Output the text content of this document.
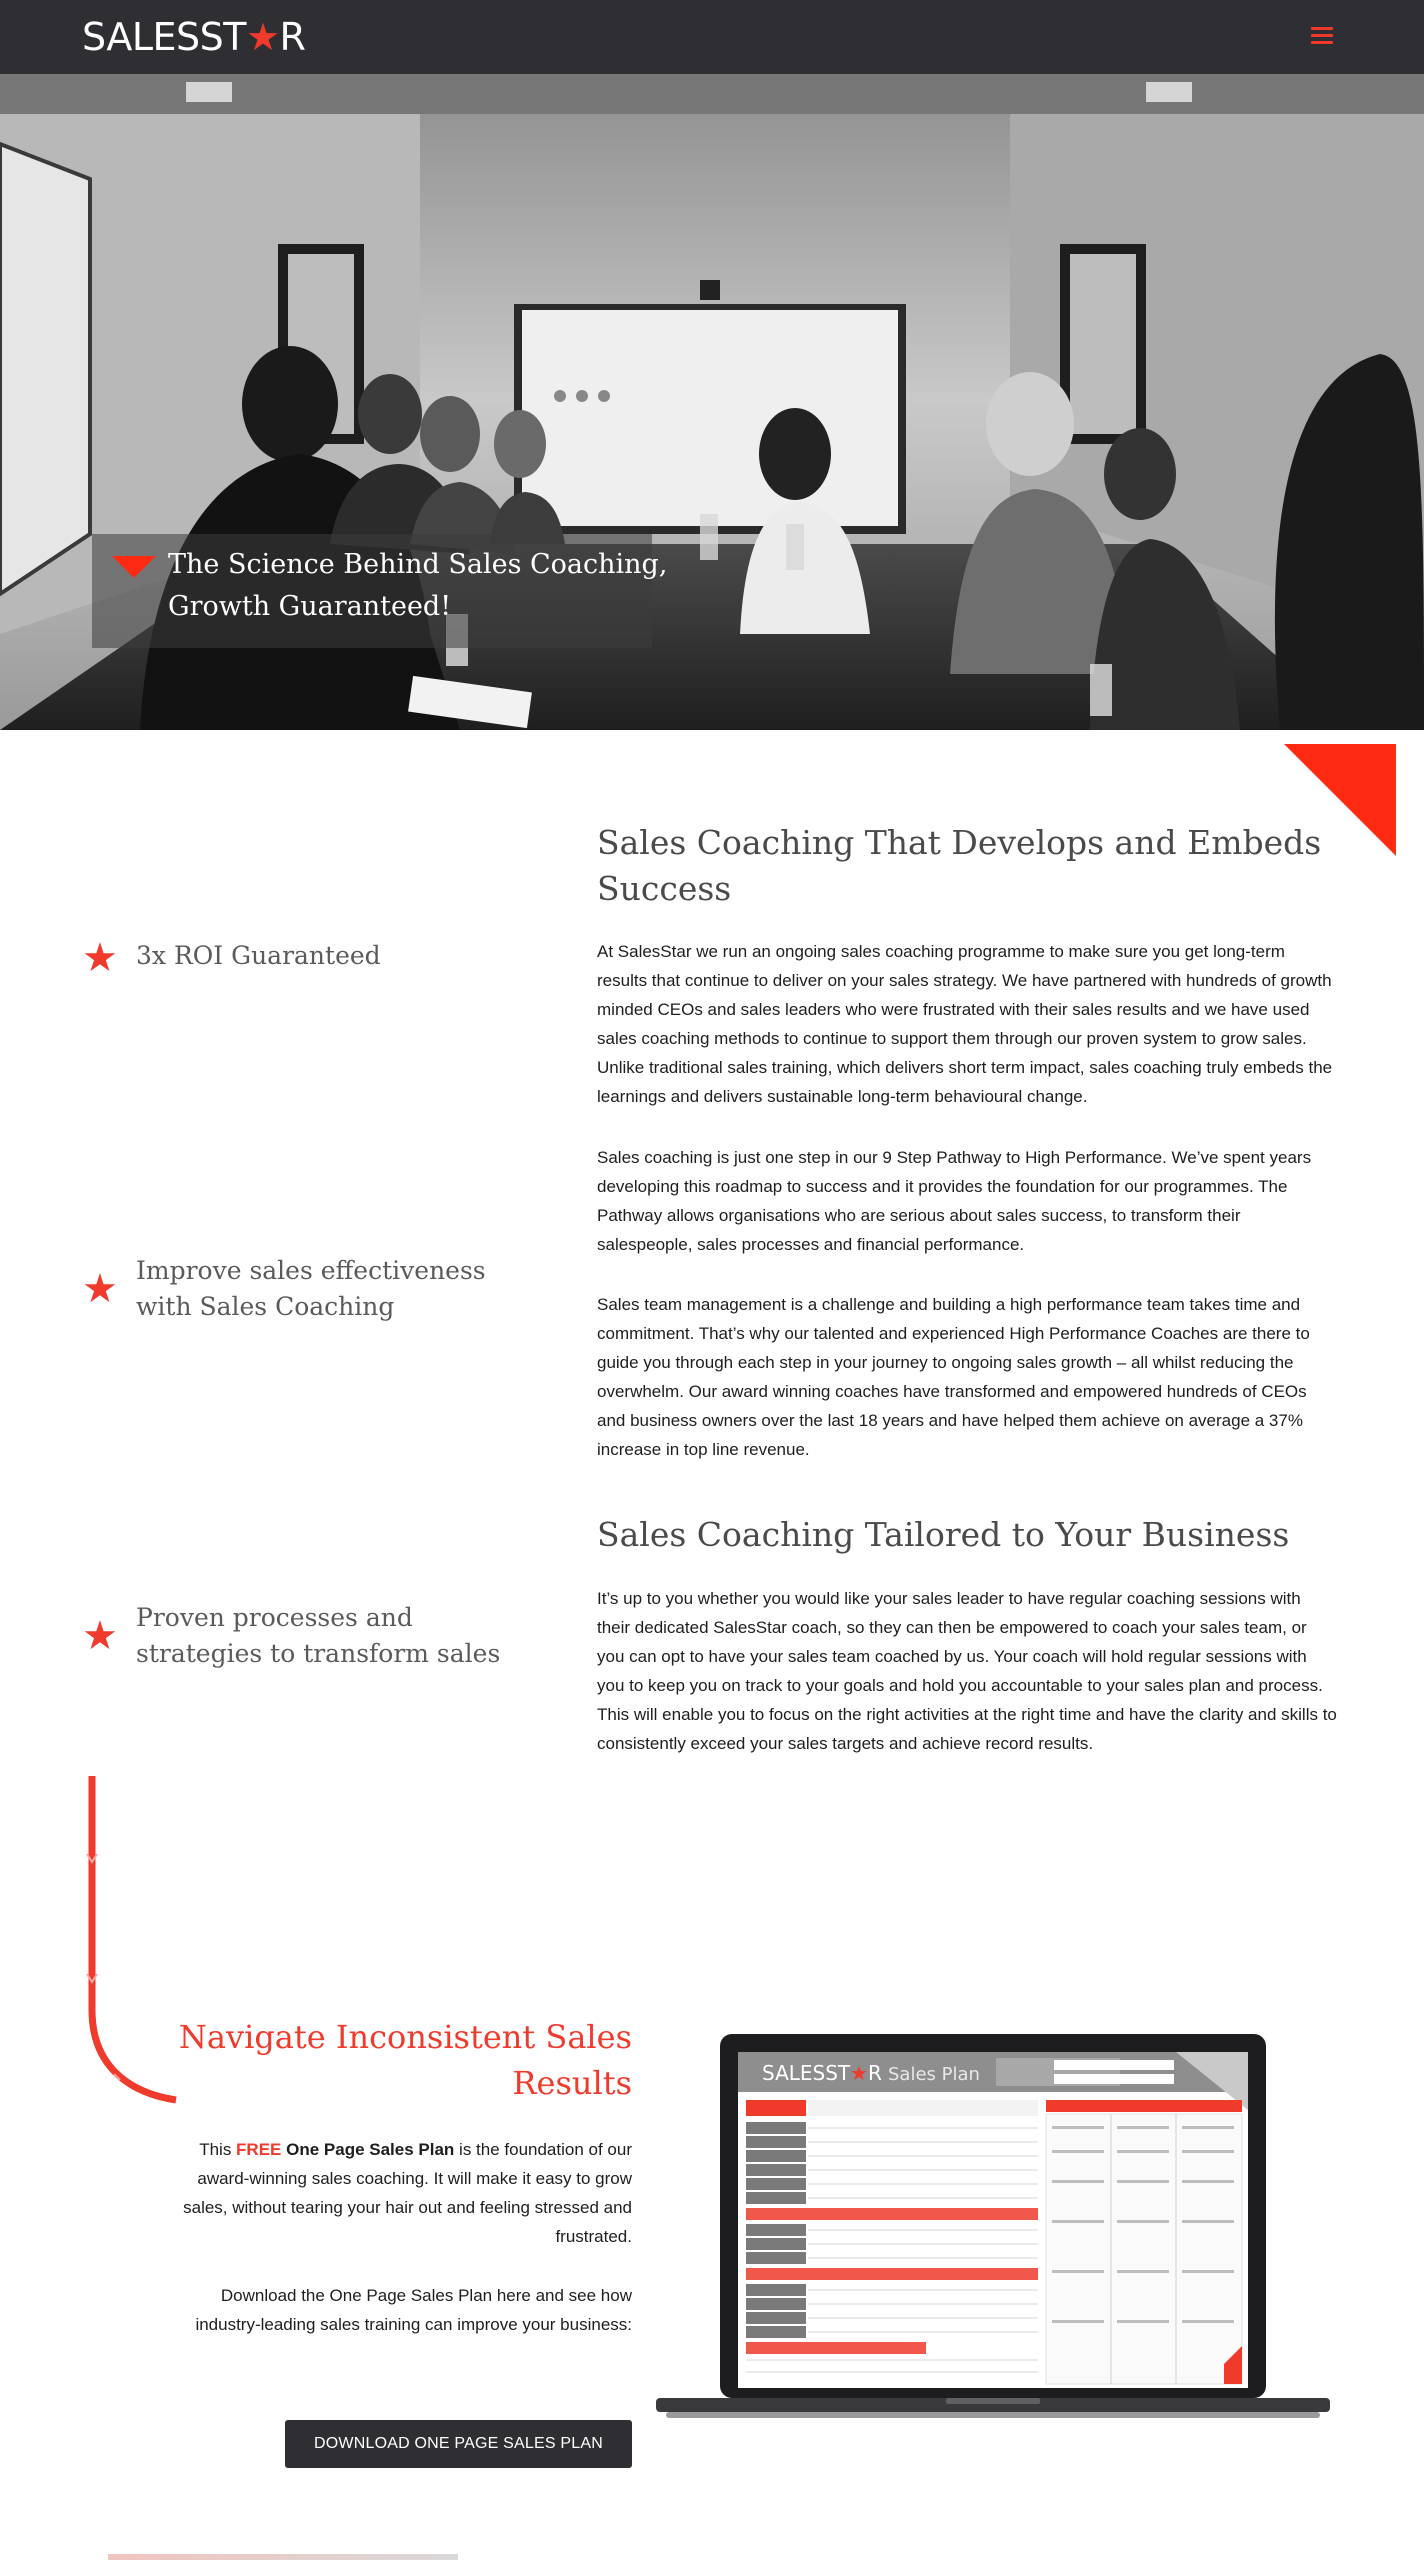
SALESST★R
The Science Behind Sales Coaching, Growth Guaranteed!
★ 3x ROI Guaranteed
★ Improve sales effectiveness with Sales Coaching
★ Proven processes and strategies to transform sales
Sales Coaching That Develops and Embeds Success

At SalesStar we run an ongoing sales coaching programme to make sure you get long-term results that continue to deliver on your sales strategy. We have partnered with hundreds of growth minded CEOs and sales leaders who were frustrated with their sales results and we have used sales coaching methods to continue to support them through our proven system to grow sales. Unlike traditional sales training, which delivers short term impact, sales coaching truly embeds the learnings and delivers sustainable long-term behavioural change.

Sales coaching is just one step in our 9 Step Pathway to High Performance. We’ve spent years developing this roadmap to success and it provides the foundation for our programmes. The Pathway allows organisations who are serious about sales success, to transform their salespeople, sales processes and financial performance.

Sales team management is a challenge and building a high performance team takes time and commitment. That’s why our talented and experienced High Performance Coaches are there to guide you through each step in your journey to ongoing sales growth – all whilst reducing the overwhelm. Our award winning coaches have transformed and empowered hundreds of CEOs and business owners over the last 18 years and have helped them achieve on average a 37% increase in top line revenue.

Sales Coaching Tailored to Your Business

It’s up to you whether you would like your sales leader to have regular coaching sessions with their dedicated SalesStar coach, so they can then be empowered to coach your sales team, or you can opt to have your sales team coached by us. Your coach will hold regular sessions with you to keep you on track to your goals and hold you accountable to your sales plan and process. This will enable you to focus on the right activities at the right time and have the clarity and skills to consistently exceed your sales targets and achieve record results.

Navigate Inconsistent Sales Results
This FREE One Page Sales Plan is the foundation of our award-winning sales coaching. It will make it easy to grow sales, without tearing your hair out and feeling stressed and frustrated.
Download the One Page Sales Plan here and see how industry-leading sales training can improve your business:
DOWNLOAD ONE PAGE SALES PLAN
SALESST ★ R Sales Plan
